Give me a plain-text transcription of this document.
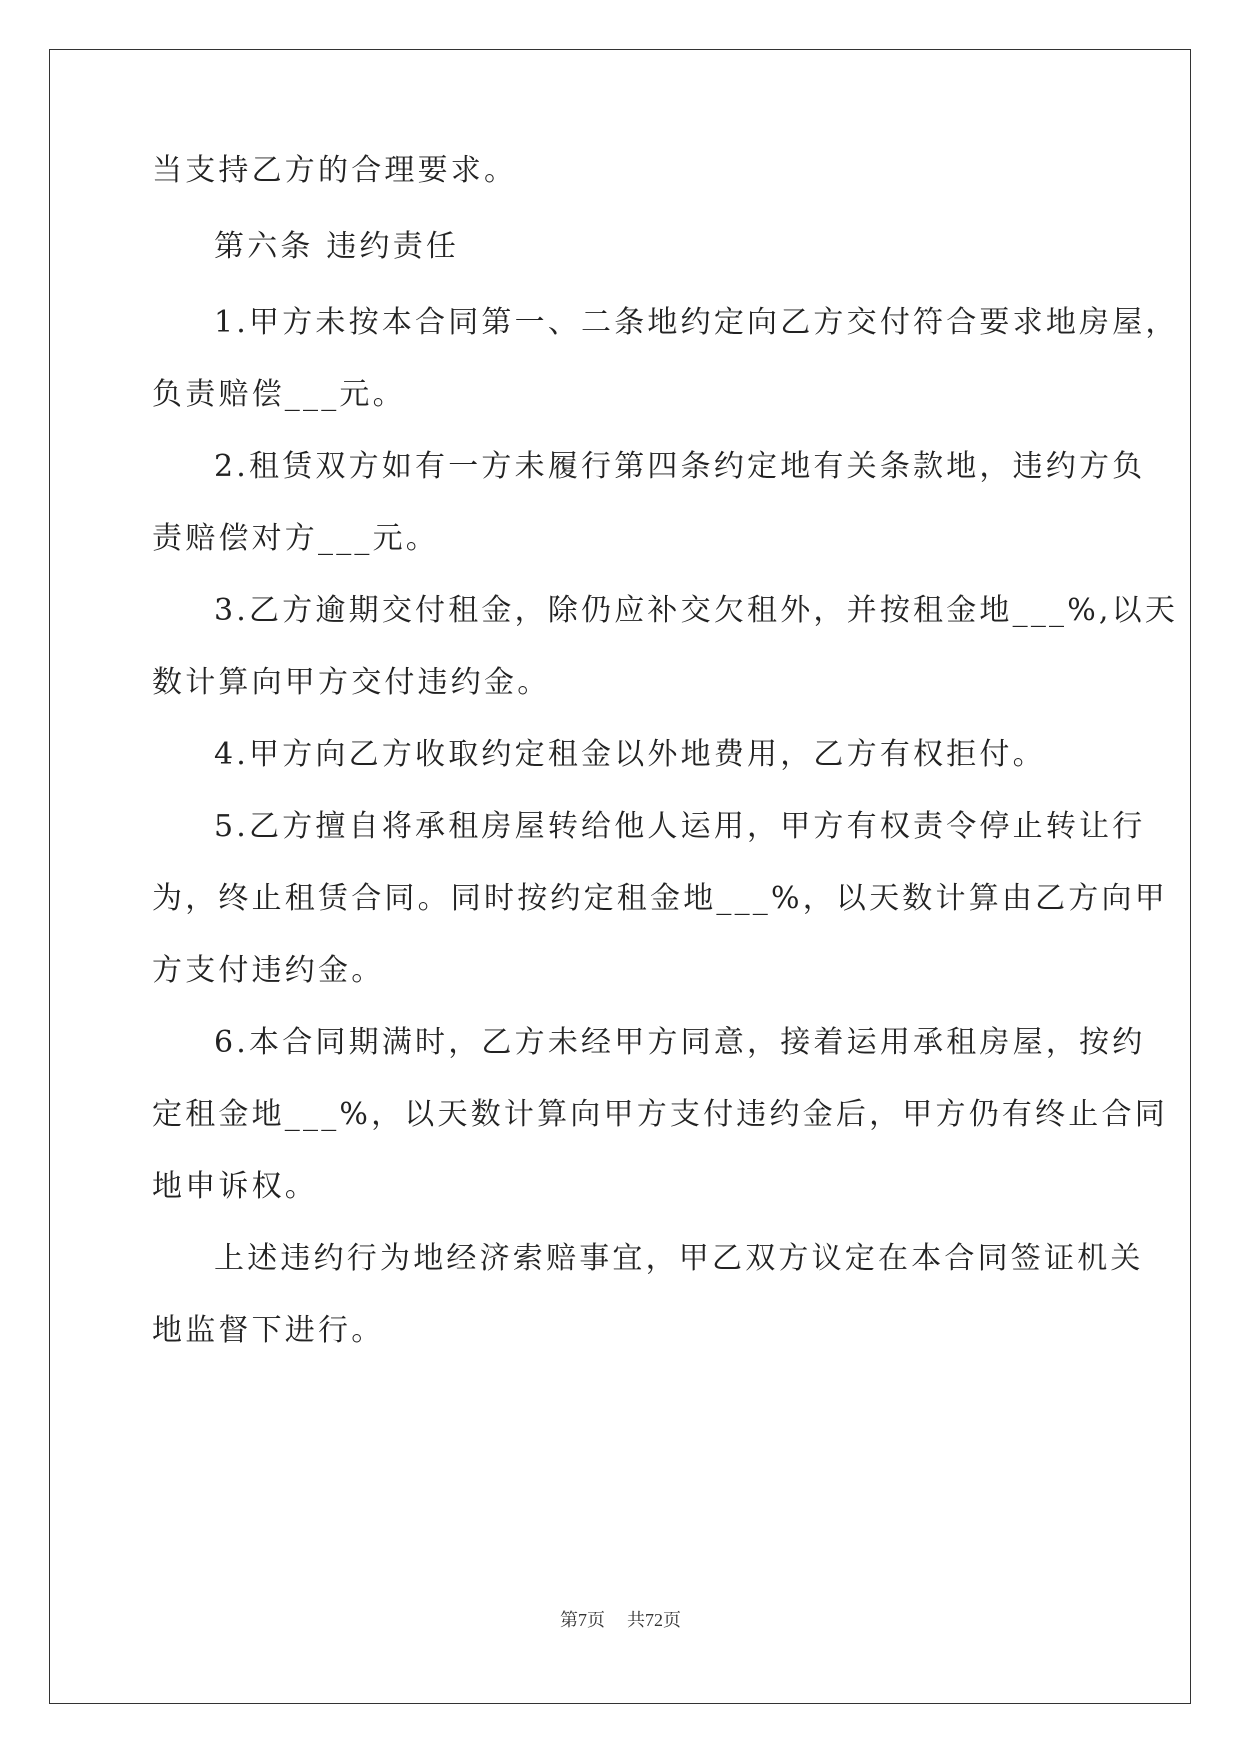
当支持乙方的合理要求。
第六条 违约责任
1.甲方未按本合同第一、二条地约定向乙方交付符合要求地房屋，
负责赔偿___元。
2.租赁双方如有一方未履行第四条约定地有关条款地，违约方负
责赔偿对方___元。
3.乙方逾期交付租金，除仍应补交欠租外，并按租金地___%,以天
数计算向甲方交付违约金。
4.甲方向乙方收取约定租金以外地费用，乙方有权拒付。
5.乙方擅自将承租房屋转给他人运用，甲方有权责令停止转让行
为，终止租赁合同。同时按约定租金地___%，以天数计算由乙方向甲
方支付违约金。
6.本合同期满时，乙方未经甲方同意，接着运用承租房屋，按约
定租金地___%，以天数计算向甲方支付违约金后，甲方仍有终止合同
地申诉权。
上述违约行为地经济索赔事宜，甲乙双方议定在本合同签证机关
地监督下进行。
第7页 共72页
